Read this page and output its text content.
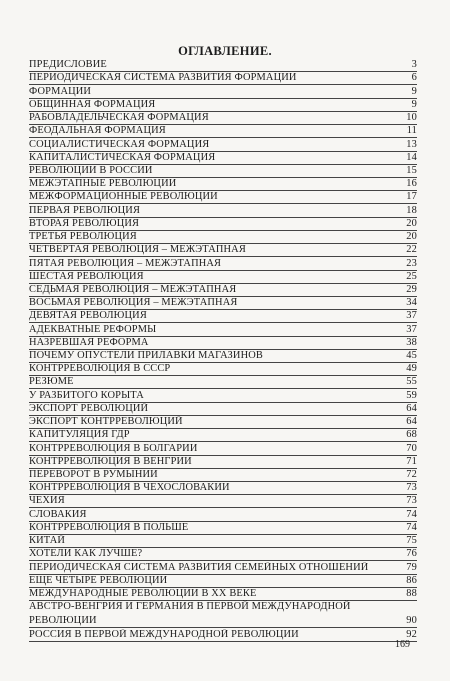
ОГЛАВЛЕНИЕ.
ПРЕДИСЛОВИЕ	3
ПЕРИОДИЧЕСКАЯ СИСТЕМА РАЗВИТИЯ ФОРМАЦИИ	6
ФОРМАЦИИ	9
ОБЩИННАЯ ФОРМАЦИЯ	9
РАБОВЛАДЕЛЬЧЕСКАЯ ФОРМАЦИЯ	10
ФЕОДАЛЬНАЯ ФОРМАЦИЯ	11
СОЦИАЛИСТИЧЕСКАЯ ФОРМАЦИЯ	13
КАПИТАЛИСТИЧЕСКАЯ ФОРМАЦИЯ	14
РЕВОЛЮЦИИ В РОССИИ	15
МЕЖЭТАПНЫЕ РЕВОЛЮЦИИ	16
МЕЖФОРМАЦИОННЫЕ РЕВОЛЮЦИИ	17
ПЕРВАЯ РЕВОЛЮЦИЯ	18
ВТОРАЯ РЕВОЛЮЦИЯ	20
ТРЕТЬЯ РЕВОЛЮЦИЯ	20
ЧЕТВЕРТАЯ РЕВОЛЮЦИЯ – МЕЖЭТАПНАЯ	22
ПЯТАЯ РЕВОЛЮЦИЯ – МЕЖЭТАПНАЯ	23
ШЕСТАЯ РЕВОЛЮЦИЯ	25
СЕДЬМАЯ РЕВОЛЮЦИЯ – МЕЖЭТАПНАЯ	29
ВОСЬМАЯ РЕВОЛЮЦИЯ – МЕЖЭТАПНАЯ	34
ДЕВЯТАЯ РЕВОЛЮЦИЯ	37
АДЕКВАТНЫЕ РЕФОРМЫ	37
НАЗРЕВШАЯ РЕФОРМА	38
ПОЧЕМУ ОПУСТЕЛИ ПРИЛАВКИ МАГАЗИНОВ	45
КОНТРРЕВОЛЮЦИЯ В СССР	49
РЕЗЮМЕ	55
У РАЗБИТОГО КОРЫТА	59
ЭКСПОРТ РЕВОЛЮЦИЙ	64
ЭКСПОРТ КОНТРРЕВОЛЮЦИЙ	64
КАПИТУЛЯЦИЯ ГДР	68
КОНТРРЕВОЛЮЦИЯ В БОЛГАРИИ	70
КОНТРРЕВОЛЮЦИЯ В ВЕНГРИИ	71
ПЕРЕВОРОТ В РУМЫНИИ	72
КОНТРРЕВОЛЮЦИЯ В ЧЕХОСЛОВАКИИ	73
ЧЕХИЯ	73
СЛОВАКИЯ	74
КОНТРРЕВОЛЮЦИЯ В ПОЛЬШЕ	74
КИТАЙ	75
ХОТЕЛИ КАК ЛУЧШЕ?	76
ПЕРИОДИЧЕСКАЯ СИСТЕМА РАЗВИТИЯ СЕМЕЙНЫХ ОТНОШЕНИЙ	79
ЕЩЕ ЧЕТЫРЕ РЕВОЛЮЦИИ	86
МЕЖДУНАРОДНЫЕ РЕВОЛЮЦИИ В XX ВЕКЕ	88
АВСТРО-ВЕНГРИЯ И ГЕРМАНИЯ В ПЕРВОЙ МЕЖДУНАРОДНОЙ
РЕВОЛЮЦИИ	90
РОССИЯ В ПЕРВОЙ МЕЖДУНАРОДНОЙ РЕВОЛЮЦИИ	92
169
